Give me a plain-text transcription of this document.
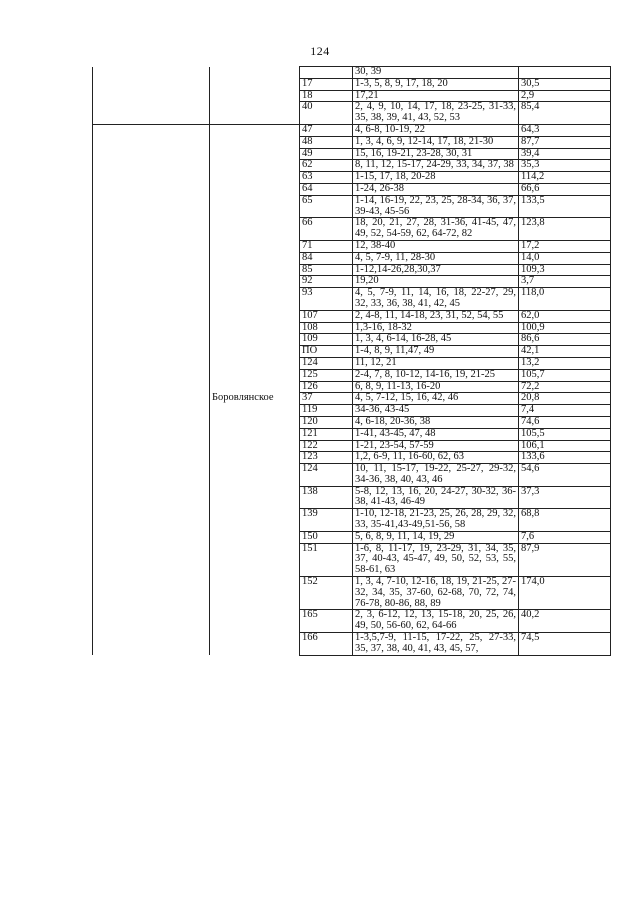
124
			30, 39	
		17	1-3, 5, 8, 9, 17, 18, 20	30,5
		18	17,21	2,9
		40	2, 4, 9, 10, 14, 17, 18, 23-25, 31-33, 35, 38, 39, 41, 43, 52, 53	85,4
		47	4, 6-8, 10-19, 22	64,3
		48	1, 3, 4, 6, 9, 12-14, 17, 18, 21-30	87,7
		49	15, 16, 19-21, 23-28, 30, 31	39,4
		62	8, 11, 12, 15-17, 24-29, 33, 34, 37, 38	35,3
		63	1-15, 17, 18, 20-28	114,2
		64	1-24, 26-38	66,6
		65	1-14, 16-19, 22, 23, 25, 28-34, 36, 37, 39-43, 45-56	133,5
		66	18, 20, 21, 27, 28, 31-36, 41-45, 47, 49, 52, 54-59, 62, 64-72, 82	123,8
		71	12, 38-40	17,2
		84	4, 5, 7-9, 11, 28-30	14,0
		85	1-12,14-26,28,30,37	109,3
		92	19,20	3,7
		93	4, 5, 7-9, 11, 14, 16, 18, 22-27, 29, 32, 33, 36, 38, 41, 42, 45	118,0
		107	2, 4-8, 11, 14-18, 23, 31, 52, 54, 55	62,0
		108	1,3-16, 18-32	100,9
		109	1, 3, 4, 6-14, 16-28, 45	86,6
		ПО	1-4, 8, 9, 11,47, 49	42,1
		124	11, 12, 21	13,2
		125	2-4, 7, 8, 10-12, 14-16, 19, 21-25	105,7
		126	6, 8, 9, 11-13, 16-20	72,2
	Боровлянское	37	4, 5, 7-12, 15, 16, 42, 46	20,8
		119	34-36, 43-45	7,4
		120	4, 6-18, 20-36, 38	74,6
		121	1-41, 43-45, 47, 48	105,5
		122	1-21, 23-54, 57-59	106,1
		123	1,2, 6-9, 11, 16-60, 62, 63	133,6
		124	10, 11, 15-17, 19-22, 25-27, 29-32, 34-36, 38, 40, 43, 46	54,6
		138	5-8, 12, 13, 16, 20, 24-27, 30-32, 36-38, 41-43, 46-49	37,3
		139	1-10, 12-18, 21-23, 25, 26, 28, 29, 32, 33, 35-41,43-49,51-56, 58	68,8
		150	5, 6, 8, 9, 11, 14, 19, 29	7,6
		151	1-6, 8, 11-17, 19, 23-29, 31, 34, 35, 37, 40-43, 45-47, 49, 50, 52, 53, 55, 58-61, 63	87,9
		152	1, 3, 4, 7-10, 12-16, 18, 19, 21-25, 27-32, 34, 35, 37-60, 62-68, 70, 72, 74, 76-78, 80-86, 88, 89	174,0
		165	2, 3, 6-12, 12, 13, 15-18, 20, 25, 26, 49, 50, 56-60, 62, 64-66	40,2
		166	1-3,5,7-9, 11-15, 17-22, 25, 27-33, 35, 37, 38, 40, 41, 43, 45, 57,	74,5
